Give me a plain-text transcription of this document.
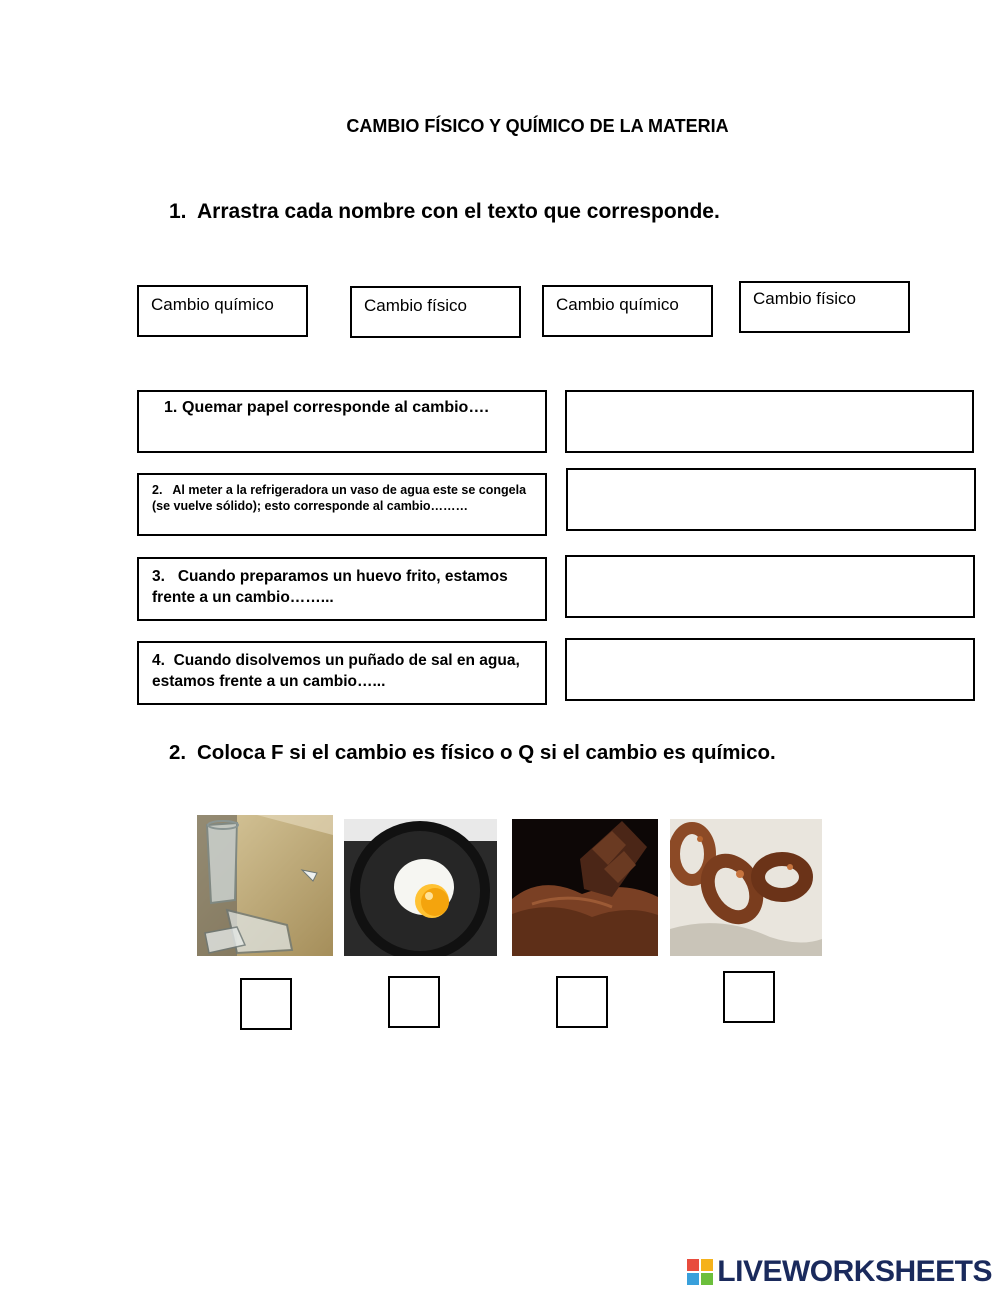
CAMBIO FÍSICO Y QUÍMICO DE LA MATERIA
1. Arrastra cada nombre con el texto que corresponde.
Cambio químico	Cambio físico	Cambio químico	Cambio físico
1. Quemar papel corresponde al cambio….
2. Al meter a la refrigeradora un vaso de agua este se congela (se vuelve sólido); esto corresponde al cambio………
3. Cuando preparamos un huevo frito, estamos frente a un cambio……...
4. Cuando disolvemos un puñado de sal en agua, estamos frente a un cambio…...
2. Coloca F si el cambio es físico o Q si el cambio es químico.
LIVEWORKSHEETS
